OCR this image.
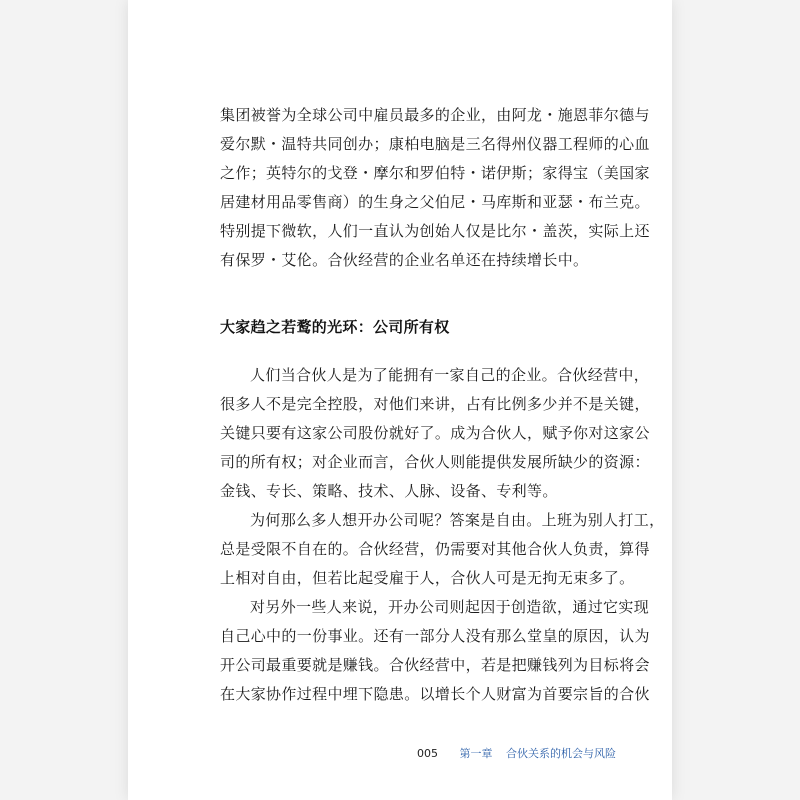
集团被誉为全球公司中雇员最多的企业，由阿龙・施恩菲尔德与
爱尔默・温特共同创办；康柏电脑是三名得州仪器工程师的心血
之作；英特尔的戈登・摩尔和罗伯特・诺伊斯；家得宝（美国家
居建材用品零售商）的生身之父伯尼・马库斯和亚瑟・布兰克。
特别提下微软，人们一直认为创始人仅是比尔・盖茨，实际上还
有保罗・艾伦。合伙经营的企业名单还在持续增长中。
大家趋之若鹜的光环：公司所有权
人们当合伙人是为了能拥有一家自己的企业。合伙经营中，
很多人不是完全控股，对他们来讲，占有比例多少并不是关键，
关键只要有这家公司股份就好了。成为合伙人，赋予你对这家公
司的所有权；对企业而言，合伙人则能提供发展所缺少的资源：
金钱、专长、策略、技术、人脉、设备、专利等。
为何那么多人想开办公司呢？答案是自由。上班为别人打工，
总是受限不自在的。合伙经营，仍需要对其他合伙人负责，算得
上相对自由，但若比起受雇于人，合伙人可是无拘无束多了。
对另外一些人来说，开办公司则起因于创造欲，通过它实现
自己心中的一份事业。还有一部分人没有那么堂皇的原因，认为
开公司最重要就是赚钱。合伙经营中，若是把赚钱列为目标将会
在大家协作过程中埋下隐患。以增长个人财富为首要宗旨的合伙
005 第一章 合伙关系的机会与风险
